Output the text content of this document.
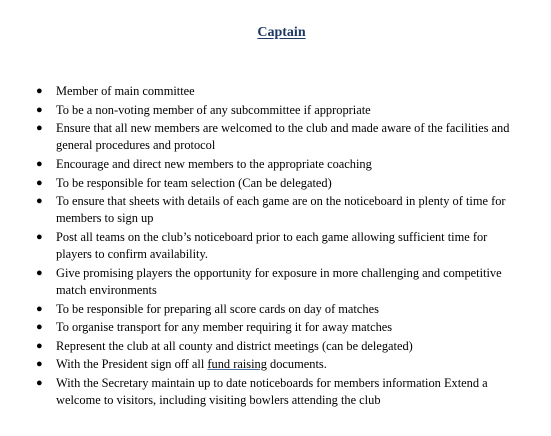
Captain
● Member of main committee
● To be a non-voting member of any subcommittee if appropriate
● Ensure that all new members are welcomed to the club and made aware of the facilities and general procedures and protocol
● Encourage and direct new members to the appropriate coaching
● To be responsible for team selection (Can be delegated)
● To ensure that sheets with details of each game are on the noticeboard in plenty of time for members to sign up
● Post all teams on the club’s noticeboard prior to each game allowing sufficient time for players to confirm availability.
● Give promising players the opportunity for exposure in more challenging and competitive match environments
● To be responsible for preparing all score cards on day of matches
● To organise transport for any member requiring it for away matches
● Represent the club at all county and district meetings (can be delegated)
● With the President sign off all fund raising documents.
● With the Secretary maintain up to date noticeboards for members information Extend a welcome to visitors, including visiting bowlers attending the club
